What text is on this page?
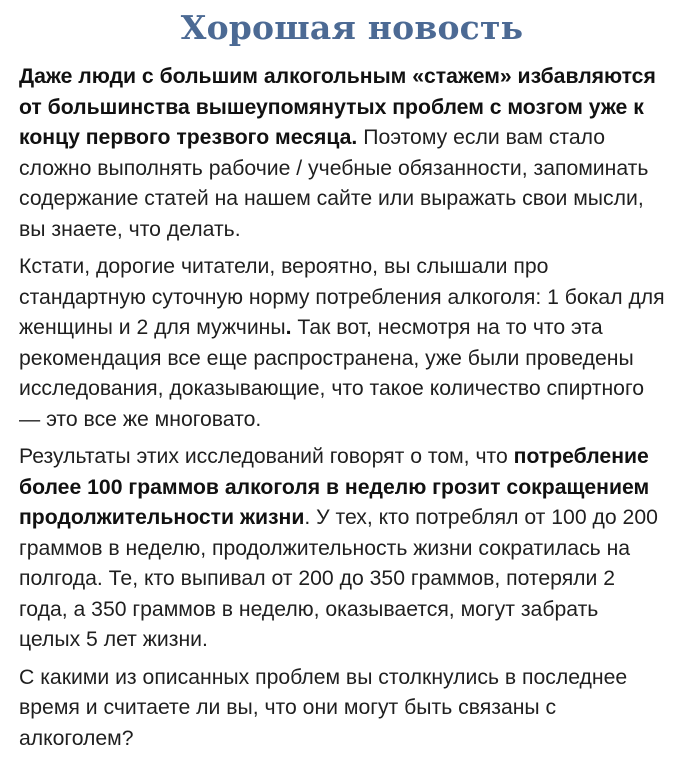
Хорошая новость

Даже люди с большим алкогольным «стажем» избавляются от большинства вышеупомянутых проблем с мозгом уже к концу первого трезвого месяца. Поэтому если вам стало сложно выполнять рабочие / учебные обязанности, запоминать содержание статей на нашем сайте или выражать свои мысли, вы знаете, что делать.

Кстати, дорогие читатели, вероятно, вы слышали про стандартную суточную норму потребления алкоголя: 1 бокал для женщины и 2 для мужчины. Так вот, несмотря на то что эта рекомендация все еще распространена, уже были проведены исследования, доказывающие, что такое количество спиртного — это все же многовато.

Результаты этих исследований говорят о том, что потребление более 100 граммов алкоголя в неделю грозит сокращением продолжительности жизни. У тех, кто потреблял от 100 до 200 граммов в неделю, продолжительность жизни сократилась на полгода. Те, кто выпивал от 200 до 350 граммов, потеряли 2 года, а 350 граммов в неделю, оказывается, могут забрать целых 5 лет жизни.

С какими из описанных проблем вы столкнулись в последнее время и считаете ли вы, что они могут быть связаны с алкоголем?
